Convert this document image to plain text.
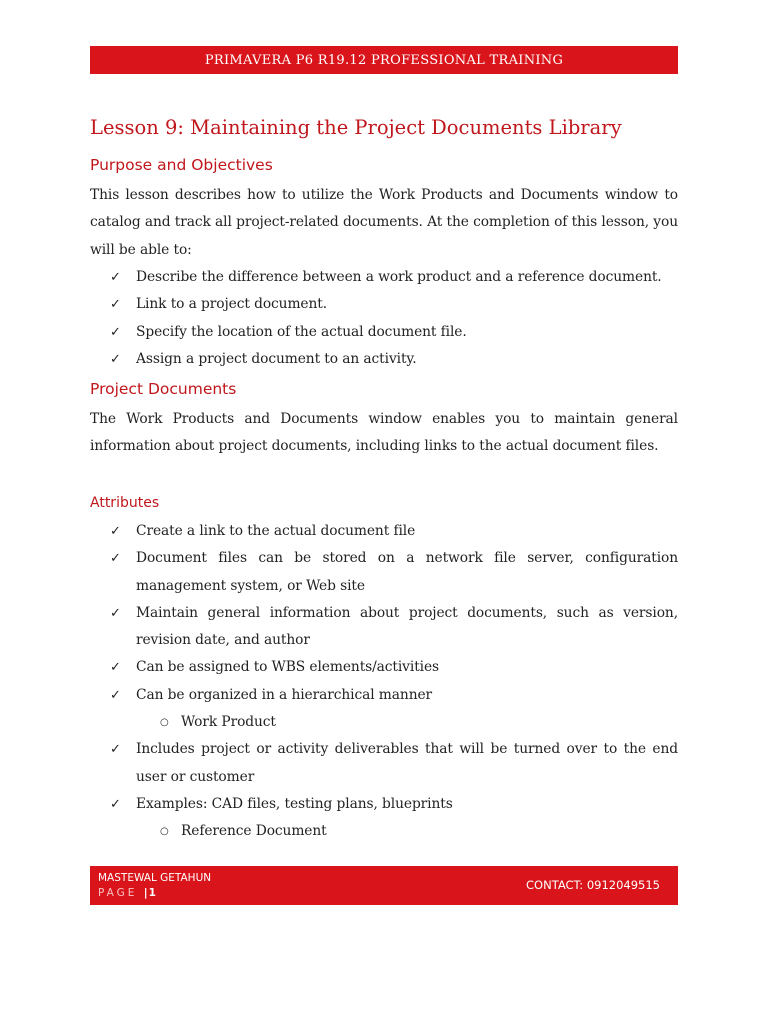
PRIMAVERA P6 R19.12 PROFESSIONAL TRAINING
Lesson 9: Maintaining the Project Documents Library
Purpose and Objectives

This lesson describes how to utilize the Work Products and Documents window to catalog and track all project-related documents. At the completion of this lesson, you will be able to:

✓ Describe the difference between a work product and a reference document.
✓ Link to a project document.
✓ Specify the location of the actual document file.
✓ Assign a project document to an activity.
Project Documents

The Work Products and Documents window enables you to maintain general information about project documents, including links to the actual document files.

Attributes
✓ Create a link to the actual document file
✓ Document files can be stored on a network file server, configuration management system, or Web site
✓ Maintain general information about project documents, such as version, revision date, and author
✓ Can be assigned to WBS elements/activities
✓ Can be organized in a hierarchical manner
○ Work Product
✓ Includes project or activity deliverables that will be turned over to the end user or customer
✓ Examples: CAD files, testing plans, blueprints
○ Reference Document
MASTEWAL GETAHUN
PAGE |1
CONTACT: 0912049515
